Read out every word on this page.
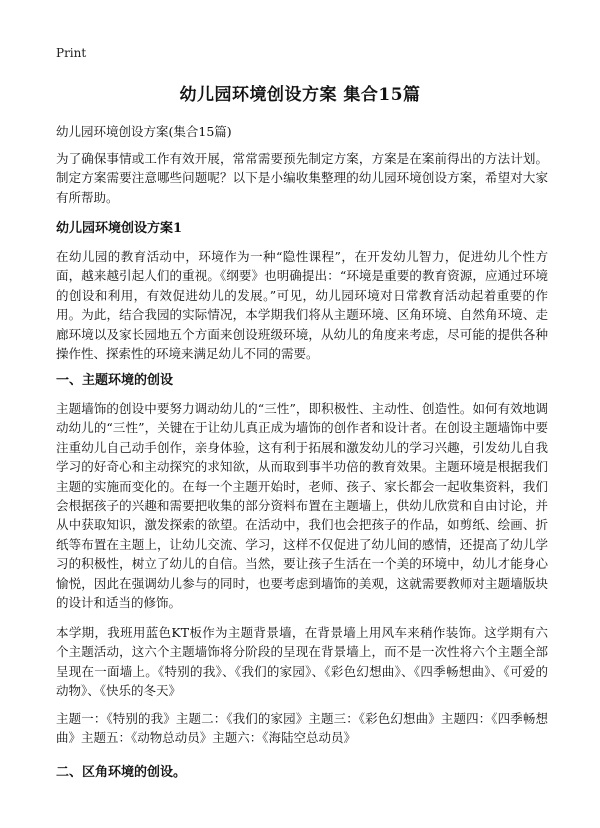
Print
幼儿园环境创设方案 集合15篇
幼儿园环境创设方案(集合15篇)

为了确保事情或工作有效开展，常常需要预先制定方案，方案是在案前得出的方法计划。制定方案需要注意哪些问题呢？以下是小编收集整理的幼儿园环境创设方案，希望对大家有所帮助。

幼儿园环境创设方案1

在幼儿园的教育活动中，环境作为一种“隐性课程”，在开发幼儿智力，促进幼儿个性方面，越来越引起人们的重视。《纲要》也明确提出：“环境是重要的教育资源，应通过环境的创设和利用，有效促进幼儿的发展。”可见，幼儿园环境对日常教育活动起着重要的作用。为此，结合我园的实际情况，本学期我们将从主题环境、区角环境、自然角环境、走廊环境以及家长园地五个方面来创设班级环境，从幼儿的角度来考虑，尽可能的提供各种操作性、探索性的环境来满足幼儿不同的需要。

一、主题环境的创设

主题墙饰的创设中要努力调动幼儿的“三性”，即积极性、主动性、创造性。如何有效地调动幼儿的“三性”，关键在于让幼儿真正成为墙饰的创作者和设计者。在创设主题墙饰中要注重幼儿自己动手创作，亲身体验，这有利于拓展和激发幼儿的学习兴趣，引发幼儿自我学习的好奇心和主动探究的求知欲，从而取到事半功倍的教育效果。主题环境是根据我们主题的实施而变化的。在每一个主题开始时，老师、孩子、家长都会一起收集资料，我们会根据孩子的兴趣和需要把收集的部分资料布置在主题墙上，供幼儿欣赏和自由讨论，并从中获取知识，激发探索的欲望。在活动中，我们也会把孩子的作品，如剪纸、绘画、折纸等布置在主题上，让幼儿交流、学习，这样不仅促进了幼儿间的感情，还提高了幼儿学习的积极性，树立了幼儿的自信。当然，要让孩子生活在一个美的环境中，幼儿才能身心愉悦，因此在强调幼儿参与的同时，也要考虑到墙饰的美观，这就需要教师对主题墙版块的设计和适当的修饰。

本学期，我班用蓝色KT板作为主题背景墙，在背景墙上用风车来稍作装饰。这学期有六个主题活动，这六个主题墙饰将分阶段的呈现在背景墙上，而不是一次性将六个主题全部呈现在一面墙上。《特别的我》、《我们的家园》、《彩色幻想曲》、《四季畅想曲》、《可爱的动物》、《快乐的冬天》

主题一：《特别的我》主题二：《我们的家园》主题三：《彩色幻想曲》主题四：《四季畅想曲》主题五：《动物总动员》主题六：《海陆空总动员》

二、区角环境的创设。
